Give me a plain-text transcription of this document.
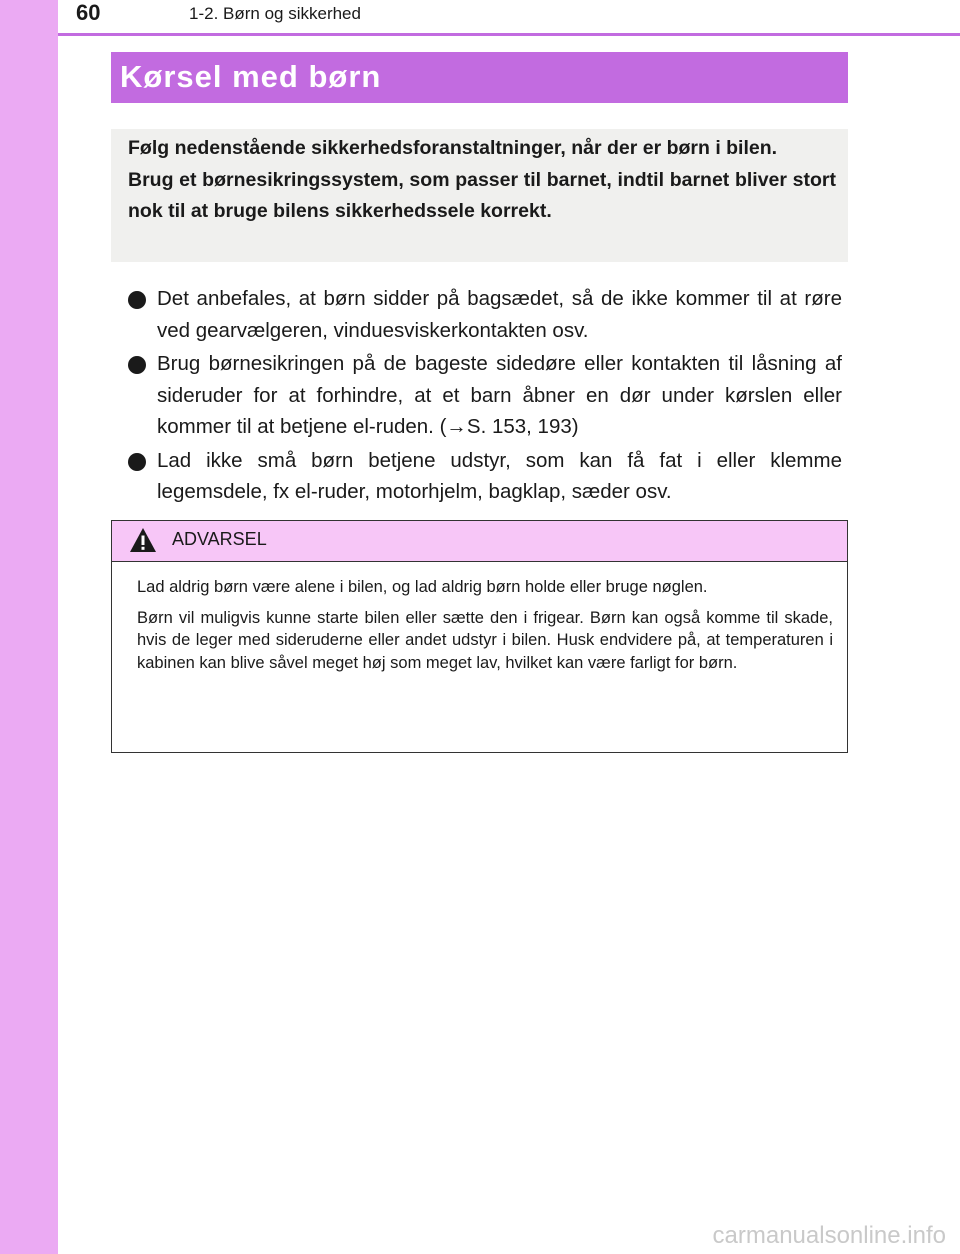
60	1-2. Børn og sikkerhed
Kørsel med børn

Følg nedenstående sikkerhedsforanstaltninger, når der er børn i bilen.

Brug et børnesikringssystem, som passer til barnet, indtil barnet bliver stort nok til at bruge bilens sikkerhedssele korrekt.

Det anbefales, at børn sidder på bagsædet, så de ikke kommer til at røre ved gearvælgeren, vinduesviskerkontakten osv.
Brug børnesikringen på de bageste sidedøre eller kontakten til låsning af sideruder for at forhindre, at et barn åbner en dør under kørslen eller kommer til at betjene el-ruden. (→S. 153, 193)
Lad ikke små børn betjene udstyr, som kan få fat i eller klemme legemsdele, fx el-ruder, motorhjelm, bagklap, sæder osv.
ADVARSEL

Lad aldrig børn være alene i bilen, og lad aldrig børn holde eller bruge nøglen.

Børn vil muligvis kunne starte bilen eller sætte den i frigear. Børn kan også komme til skade, hvis de leger med sideruderne eller andet udstyr i bilen. Husk endvidere på, at temperaturen i kabinen kan blive såvel meget høj som meget lav, hvilket kan være farligt for børn.

carmanualsonline.info
